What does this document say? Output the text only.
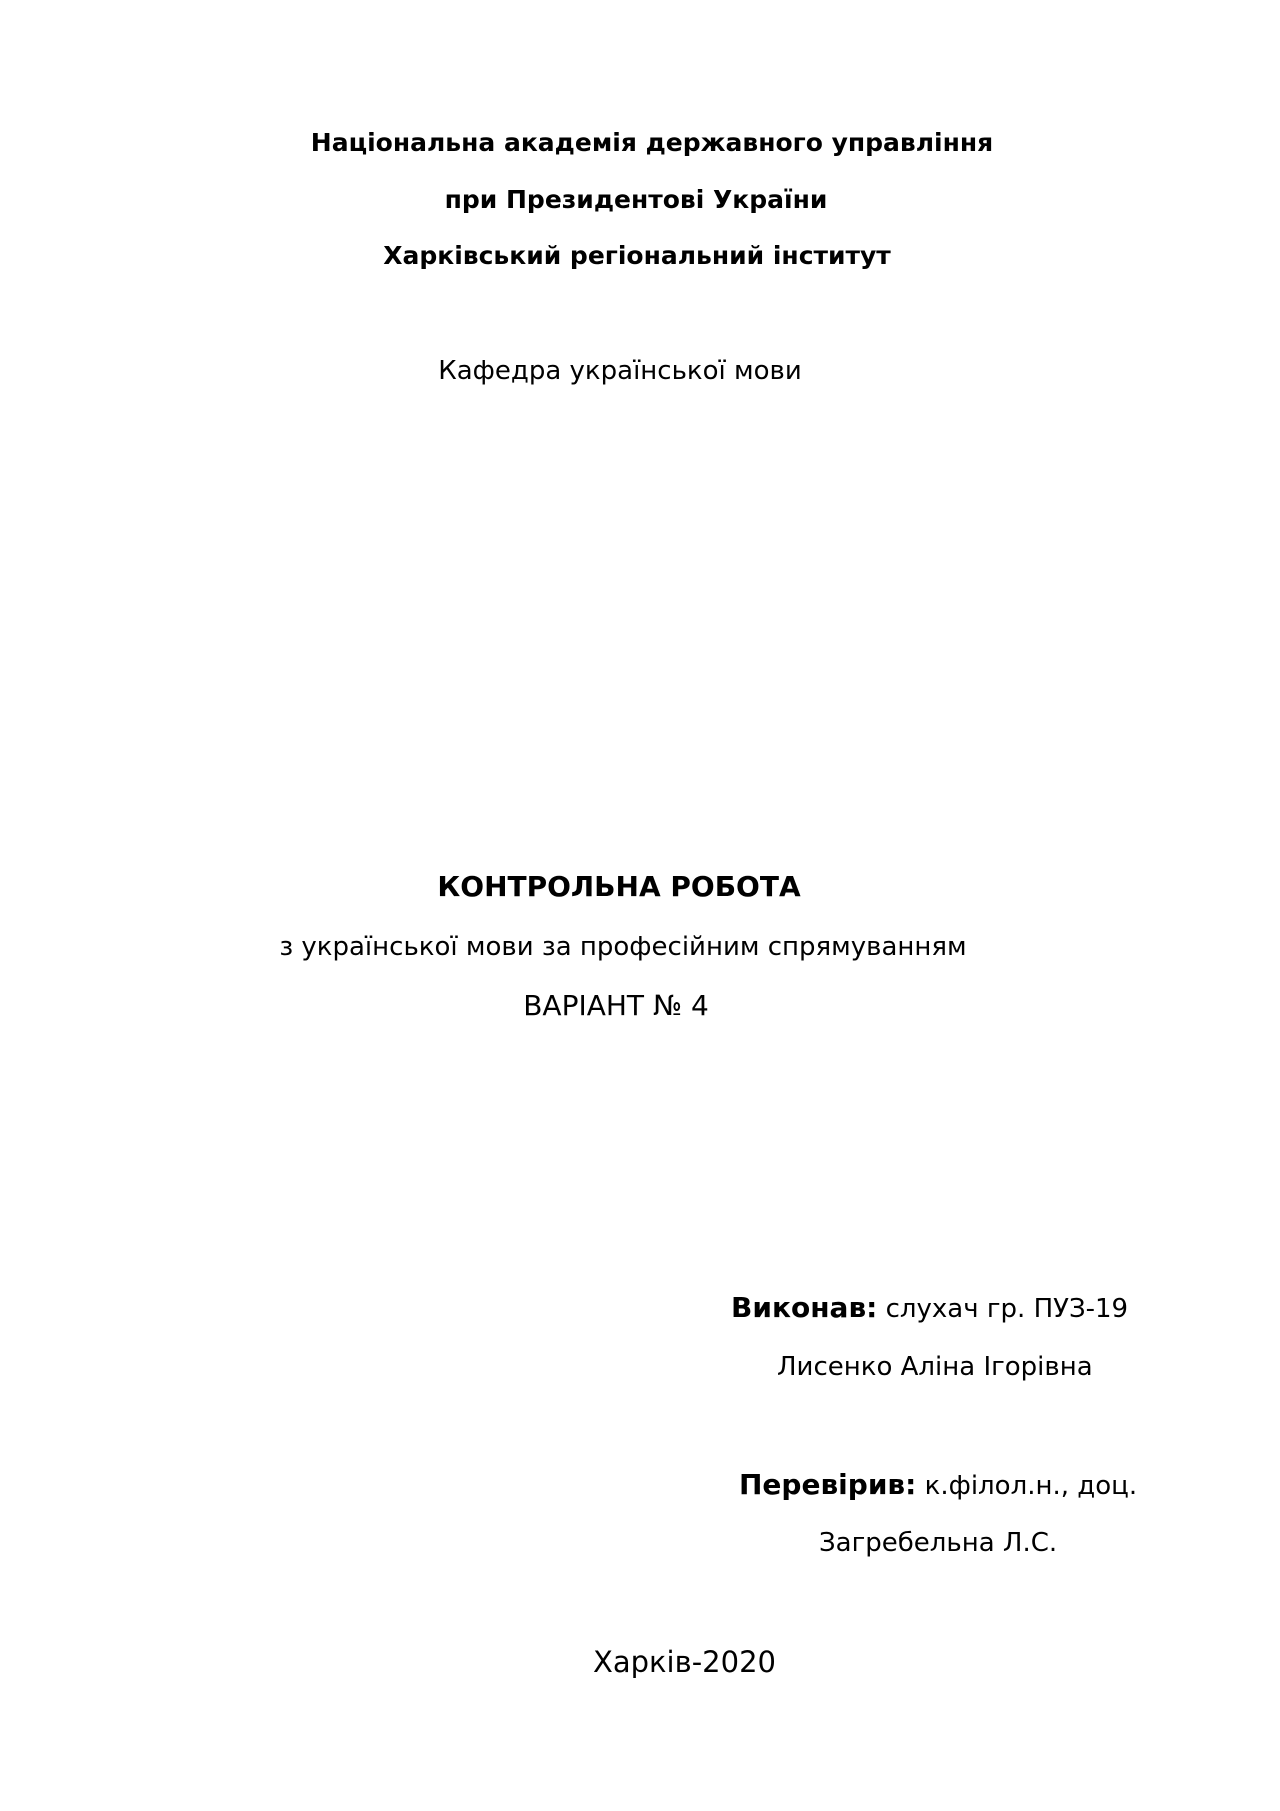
Національна академія державного управління
при Президентові України
Харківський регіональний інститут
Кафедра української мови
КОНТРОЛЬНА РОБОТА
з української мови за професійним спрямуванням
ВАРІАНТ № 4
Виконав: слухач гр. ПУЗ-19
Лисенко Аліна Ігорівна
Перевірив: к.філол.н., доц.
Загребельна Л.С.
Харків-2020
